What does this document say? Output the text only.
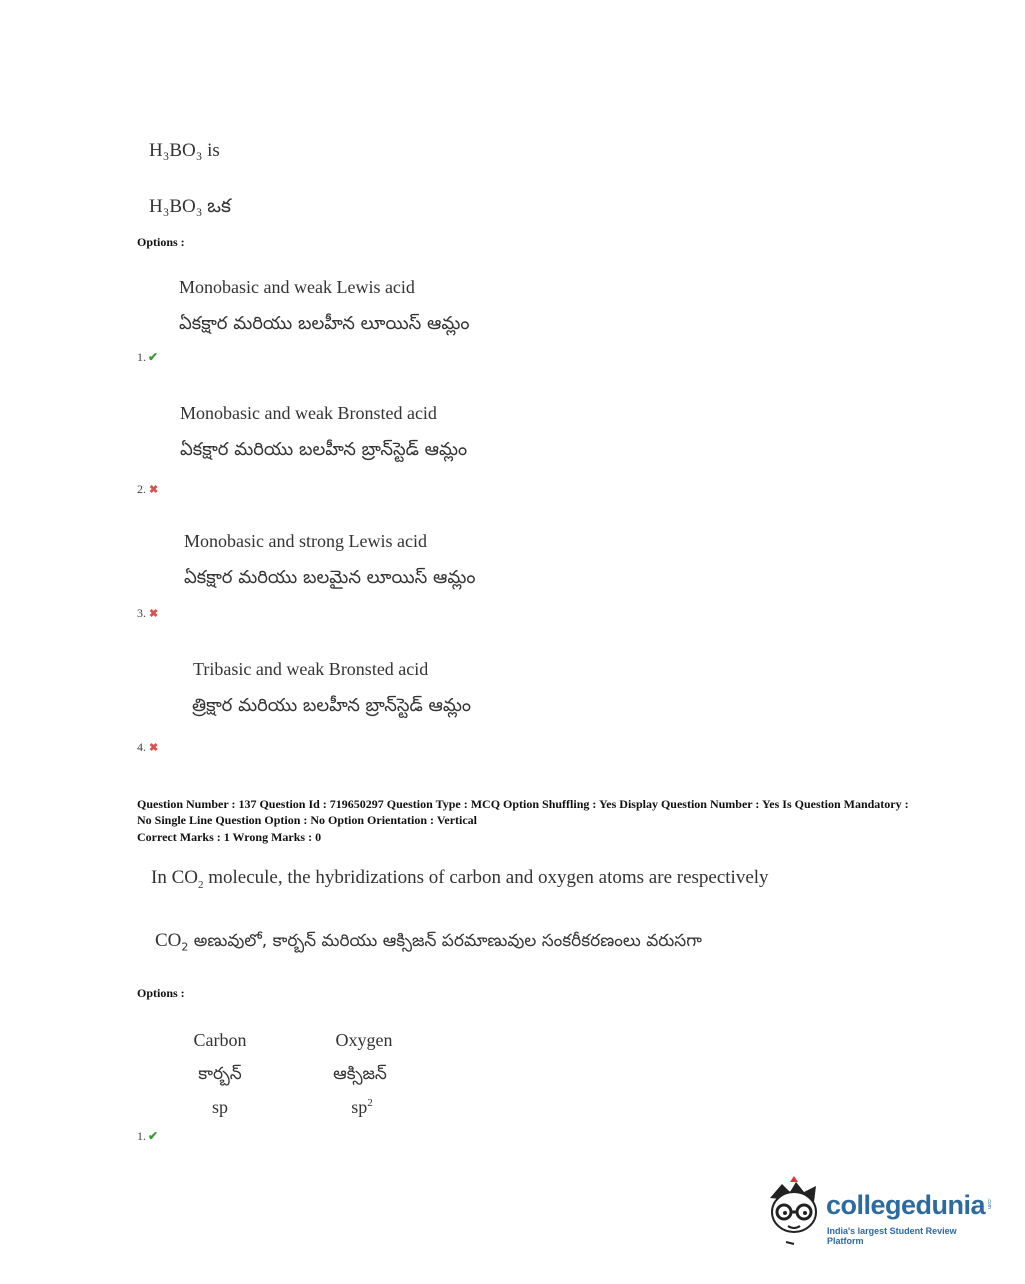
H₃BO₃ is
H₃BO₃ ఒక
Options :
Monobasic and weak Lewis acid
ఏకక్షార మరియు బలహీన లూయిస్ ఆమ్లం
1. ✔
Monobasic and weak Bronsted acid
ఏకక్షార మరియు బలహీన బ్రాన్‌స్టెడ్ ఆమ్లం
2. ✖
Monobasic and strong Lewis acid
ఏకక్షార మరియు బలమైన లూయిస్ ఆమ్లం
3. ✖
Tribasic and weak Bronsted acid
త్రిక్షార మరియు బలహీన బ్రాన్‌స్టెడ్ ఆమ్లం
4. ✖
Question Number : 137 Question Id : 719650297 Question Type : MCQ Option Shuffling : Yes Display Question Number : Yes Is Question Mandatory : No Single Line Question Option : No Option Orientation : Vertical
Correct Marks : 1 Wrong Marks : 0
In $CO_2$ molecule, the hybridizations of carbon and oxygen atoms are respectively
$CO_2$ అణువులో, కార్బన్ మరియు ఆక్సిజన్ పరమాణువుల సంకరీకరణంలు వరుసగా
Options :
Carbon	Oxygen
కార్బన్	ఆక్సిజన్
sp	$sp^2$
1. ✔
collegedunia .com
India's largest Student Review Platform
